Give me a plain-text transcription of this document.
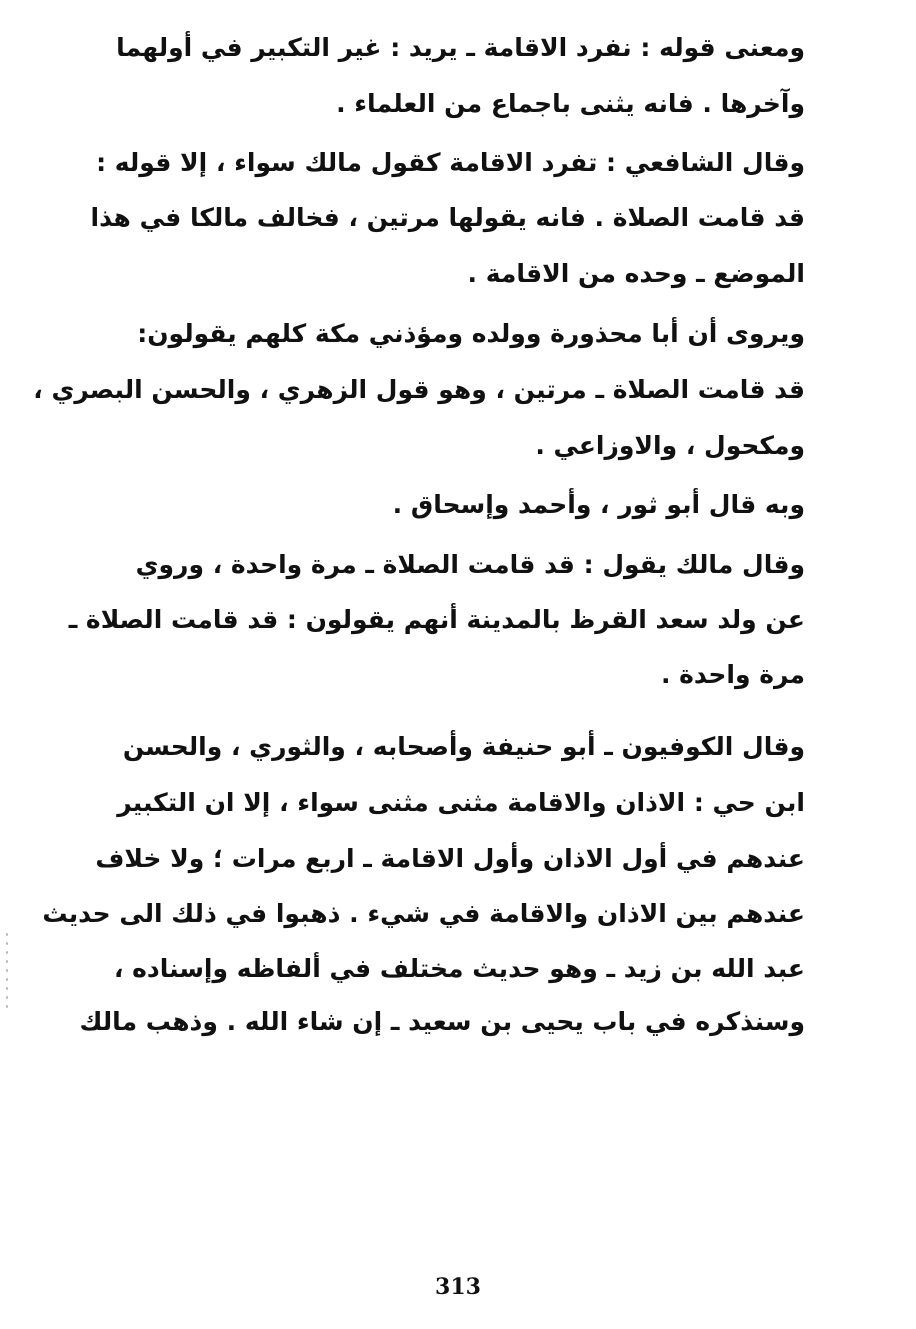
ومعنى قوله : نفرد الاقامة ـ يريد : غير التكبير في أولهما
وآخرها . فانه يثنى باجماع من العلماء .
وقال الشافعي : تفرد الاقامة كقول مالك سواء ، إلا قوله :
قد قامت الصلاة . فانه يقولها مرتين ، فخالف مالكا في هذا
الموضع ـ وحده من الاقامة .
ويروى أن أبا محذورة وولده ومؤذني مكة كلهم يقولون:
قد قامت الصلاة ـ مرتين ، وهو قول الزهري ، والحسن البصري ،
ومكحول ، والاوزاعي .
وبه قال أبو ثور ، وأحمد وإسحاق .
وقال مالك يقول : قد قامت الصلاة ـ مرة واحدة ، وروي
عن ولد سعد القرظ بالمدينة أنهم يقولون : قد قامت الصلاة ـ
مرة واحدة .
وقال الكوفيون ـ أبو حنيفة وأصحابه ، والثوري ، والحسن
ابن حي : الاذان والاقامة مثنى مثنى سواء ، إلا ان التكبير
عندهم في أول الاذان وأول الاقامة ـ اربع مرات ؛ ولا خلاف
عندهم بين الاذان والاقامة في شيء . ذهبوا في ذلك الى حديث
عبد الله بن زيد ـ وهو حديث مختلف في ألفاظه وإسناده ،
وسنذكره في باب يحيى بن سعيد ـ إن شاء الله . وذهب مالك
313
